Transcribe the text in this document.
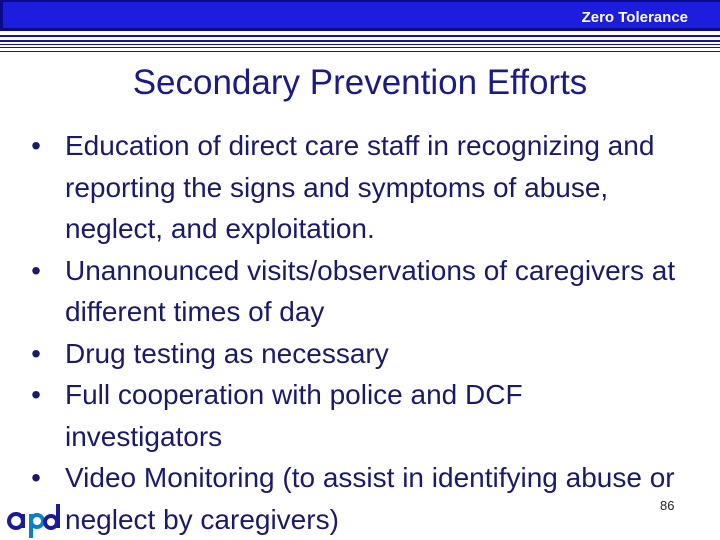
Zero Tolerance
Secondary Prevention Efforts
• Education of direct care staff in recognizing and reporting the signs and symptoms of abuse, neglect, and exploitation.
• Unannounced visits/observations of caregivers at different times of day
• Drug testing as necessary
• Full cooperation with police and DCF investigators
• Video Monitoring (to assist in identifying abuse or neglect by caregivers)	86
